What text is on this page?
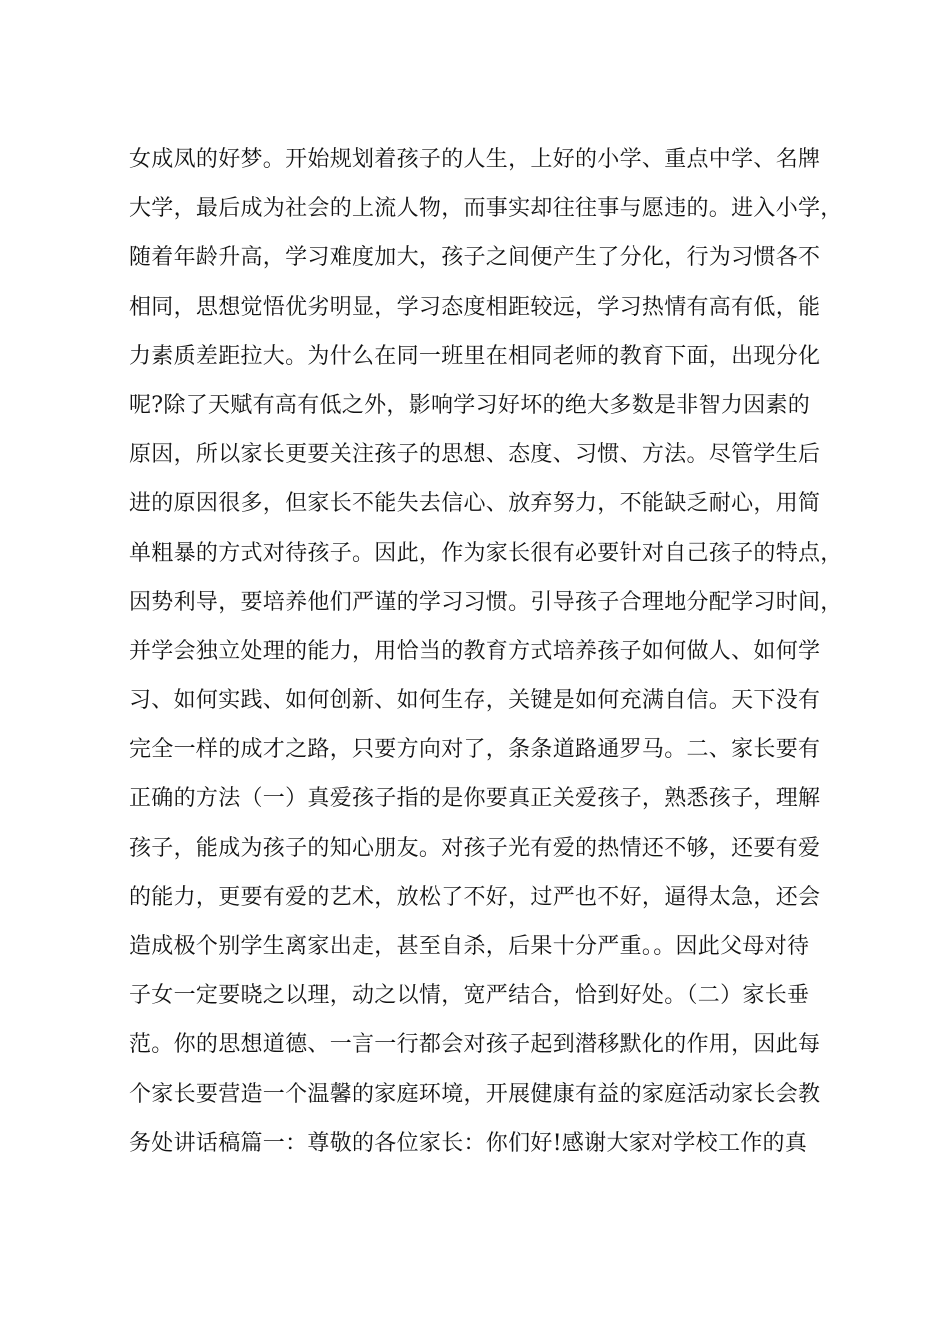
女成凤的好梦。开始规划着孩子的人生，上好的小学、重点中学、名牌
大学，最后成为社会的上流人物，而事实却往往事与愿违的。进入小学，
随着年龄升高，学习难度加大，孩子之间便产生了分化，行为习惯各不
相同，思想觉悟优劣明显，学习态度相距较远，学习热情有高有低，能
力素质差距拉大。为什么在同一班里在相同老师的教育下面，出现分化
呢?除了天赋有高有低之外，影响学习好坏的绝大多数是非智力因素的
原因，所以家长更要关注孩子的思想、态度、习惯、方法。尽管学生后
进的原因很多，但家长不能失去信心、放弃努力，不能缺乏耐心，用简
单粗暴的方式对待孩子。因此，作为家长很有必要针对自己孩子的特点，
因势利导，要培养他们严谨的学习习惯。引导孩子合理地分配学习时间，
并学会独立处理的能力，用恰当的教育方式培养孩子如何做人、如何学
习、如何实践、如何创新、如何生存，关键是如何充满自信。天下没有
完全一样的成才之路，只要方向对了，条条道路通罗马。二、家长要有
正确的方法（一）真爱孩子指的是你要真正关爱孩子，熟悉孩子，理解
孩子，能成为孩子的知心朋友。对孩子光有爱的热情还不够，还要有爱
的能力，更要有爱的艺术，放松了不好，过严也不好，逼得太急，还会
造成极个别学生离家出走，甚至自杀，后果十分严重。。因此父母对待
子女一定要晓之以理，动之以情，宽严结合，恰到好处。（二）家长垂
范。你的思想道德、一言一行都会对孩子起到潜移默化的作用，因此每
个家长要营造一个温馨的家庭环境，开展健康有益的家庭活动家长会教
务处讲话稿篇一：尊敬的各位家长：你们好!感谢大家对学校工作的真
